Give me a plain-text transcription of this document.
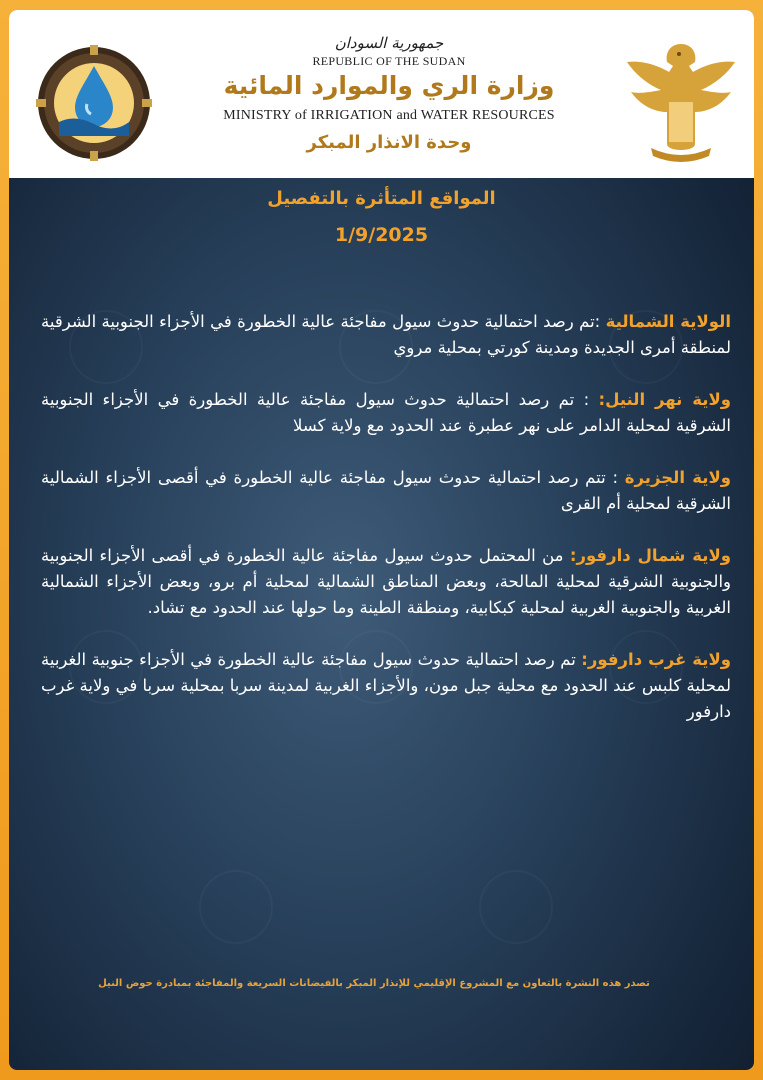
جمهورية السودان
REPUBLIC OF THE SUDAN
وزارة الري والموارد المائية
MINISTRY of IRRIGATION and WATER RESOURCES
وحدة الانذار المبكر
المواقع المتأثرة بالتفصيل
1/9/2025

الولاية الشمالية :تم رصد احتمالية حدوث سيول مفاجئة عالية الخطورة في الأجزاء الجنوبية الشرقية لمنطقة أمرى الجديدة ومدينة كورتي بمحلية مروي

ولاية نهر النيل: : تم رصد احتمالية حدوث سيول مفاجئة عالية الخطورة في الأجزاء الجنوبية الشرقية لمحلية الدامر على نهر عطبرة عند الحدود مع ولاية كسلا

ولاية الجزيرة : تتم رصد احتمالية حدوث سيول مفاجئة عالية الخطورة في أقصى الأجزاء الشمالية الشرقية لمحلية أم القرى

ولاية شمال دارفور: من المحتمل حدوث سيول مفاجئة عالية الخطورة في أقصى الأجزاء الجنوبية والجنوبية الشرقية لمحلية المالحة، وبعض المناطق الشمالية لمحلية أم برو، وبعض الأجزاء الشمالية الغربية والجنوبية الغربية لمحلية كبكابية، ومنطقة الطينة وما حولها عند الحدود مع تشاد.

ولاية غرب دارفور: تم رصد احتمالية حدوث سيول مفاجئة عالية الخطورة في الأجزاء جنوبية الغربية لمحلية كلبس عند الحدود مع محلية جبل مون، والأجزاء الغربية لمدينة سربا بمحلية سربا في ولاية غرب دارفور

تصدر هذه النشرة بالتعاون مع المشروع الإقليمي للإنذار المبكر بالفيضانات السريعة والمفاجئة بمبادرة حوض النيل
